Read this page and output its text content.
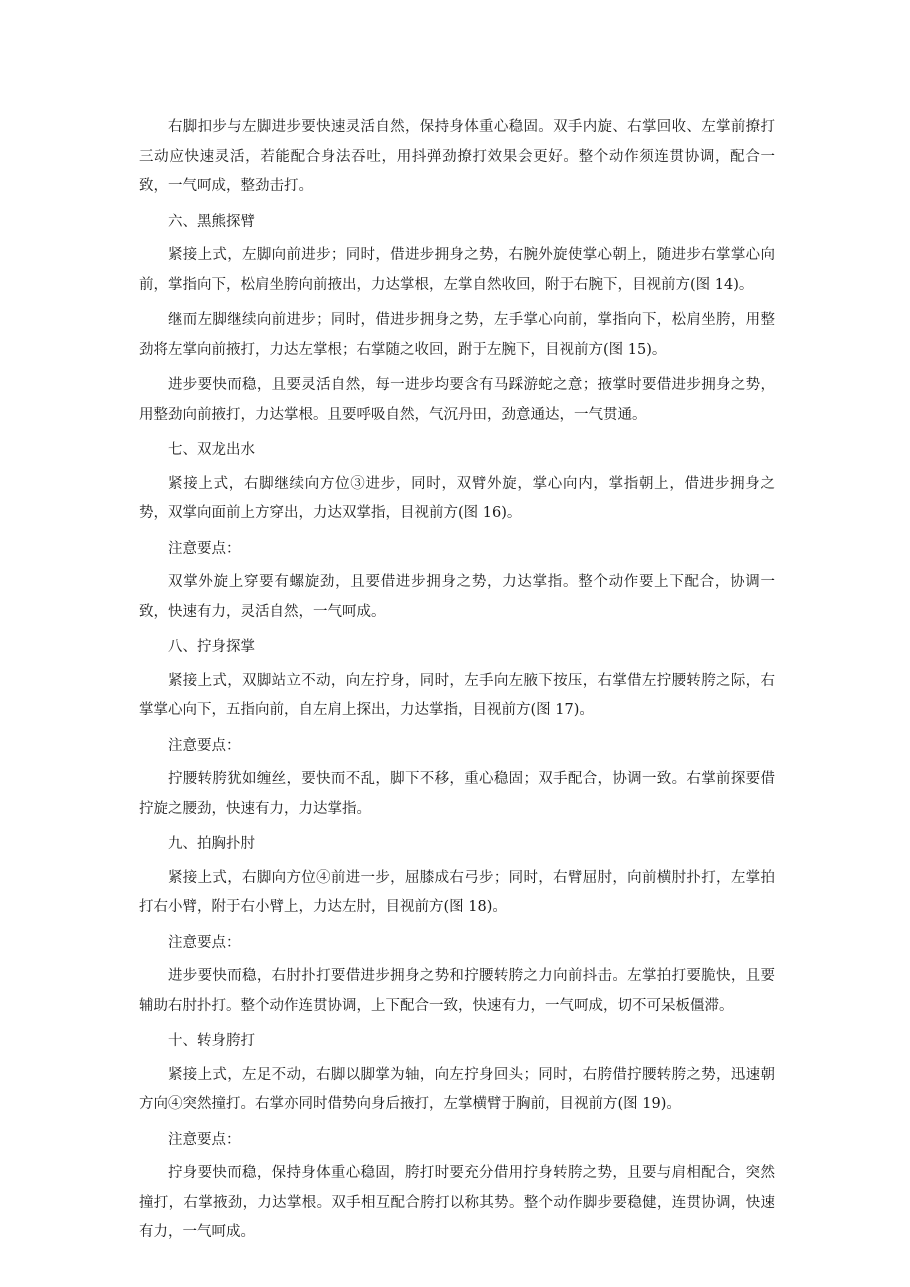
右脚扣步与左脚进步要快速灵活自然，保持身体重心稳固。双手内旋、右掌回收、左掌前撩打三动应快速灵活，若能配合身法吞吐，用抖弹劲撩打效果会更好。整个动作须连贯协调，配合一致，一气呵成，整劲击打。

六、黑熊探臂

紧接上式，左脚向前进步；同时，借进步拥身之势，右腕外旋使掌心朝上，随进步右掌掌心向前，掌指向下，松肩坐胯向前掖出，力达掌根，左掌自然收回，附于右腕下，目视前方(图 14)。

继而左脚继续向前进步；同时，借进步拥身之势，左手掌心向前，掌指向下，松肩坐胯，用整劲将左掌向前掖打，力达左掌根；右掌随之收回，跗于左腕下，目视前方(图 15)。

进步要快而稳，且要灵活自然，每一进步均要含有马踩游蛇之意；掖掌时要借进步拥身之势，用整劲向前掖打，力达掌根。且要呼吸自然，气沉丹田，劲意通达，一气贯通。

七、双龙出水

紧接上式，右脚继续向方位③进步，同时，双臂外旋，掌心向内，掌指朝上，借进步拥身之势，双掌向面前上方穿出，力达双掌指，目视前方(图 16)。

注意要点：

双掌外旋上穿要有螺旋劲，且要借进步拥身之势，力达掌指。整个动作要上下配合，协调一致，快速有力，灵活自然，一气呵成。

八、拧身探掌

紧接上式，双脚站立不动，向左拧身，同时，左手向左腋下按压，右掌借左拧腰转胯之际，右掌掌心向下，五指向前，自左肩上探出，力达掌指，目视前方(图 17)。

注意要点：

拧腰转胯犹如缠丝，要快而不乱，脚下不移，重心稳固；双手配合，协调一致。右掌前探要借拧旋之腰劲，快速有力，力达掌指。

九、拍胸扑肘

紧接上式，右脚向方位④前进一步，屈膝成右弓步；同时，右臂屈肘，向前横肘扑打，左掌拍打右小臂，附于右小臂上，力达左肘，目视前方(图 18)。

注意要点：

进步要快而稳，右肘扑打要借进步拥身之势和拧腰转胯之力向前抖击。左掌拍打要脆快，且要辅助右肘扑打。整个动作连贯协调，上下配合一致，快速有力，一气呵成，切不可呆板僵滞。

十、转身胯打

紧接上式，左足不动，右脚以脚掌为轴，向左拧身回头；同时，右胯借拧腰转胯之势，迅速朝方向④突然撞打。右掌亦同时借势向身后掖打，左掌横臂于胸前，目视前方(图 19)。

注意要点：

拧身要快而稳，保持身体重心稳固，胯打时要充分借用拧身转胯之势，且要与肩相配合，突然撞打，右掌掖劲，力达掌根。双手相互配合胯打以称其势。整个动作脚步要稳健，连贯协调，快速有力，一气呵成。
